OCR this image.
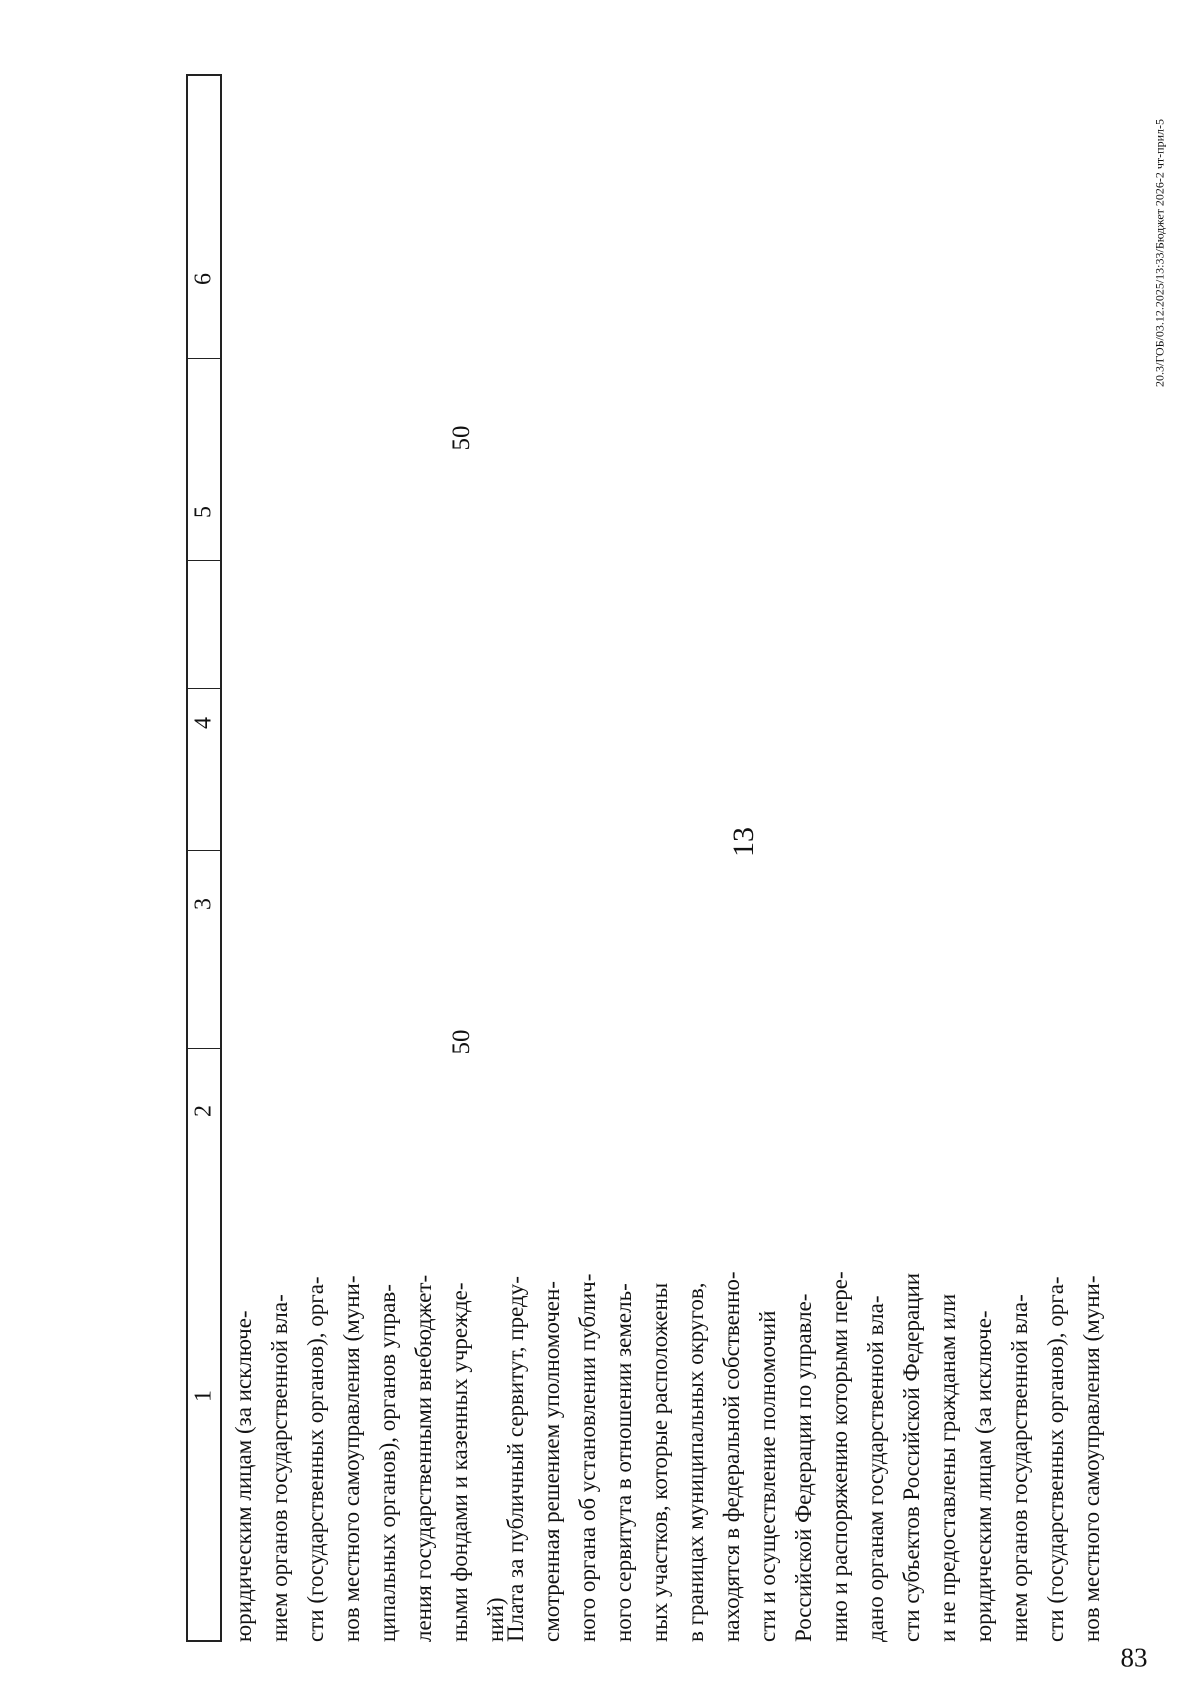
13
83
20.3/ГОБ/03.12.2025/13:33/Бюджет 2026-2 чт-прил-5
1
2
3
4
5
6
юридическим лицам (за исключе- нием органов государственной вла- сти (государственных органов), орга- нов местного самоуправления (муни- ципальных органов), органов управ- ления государственными внебюджет- ными фондами и казенных учрежде- ний)
50
50
Плата за публичный сервитут, преду- смотренная решением уполномочен- ного органа об установлении публич- ного сервитута в отношении земель- ных участков, которые расположены в границах муниципальных округов, находятся в федеральной собственно- сти и осуществление полномочий Российской Федерации по управле- нию и распоряжению которыми пере- дано органам государственной вла- сти субъектов Российской Федерации и не предоставлены гражданам или юридическим лицам (за исключе- нием органов государственной вла- сти (государственных органов), орга- нов местного самоуправления (муни-
